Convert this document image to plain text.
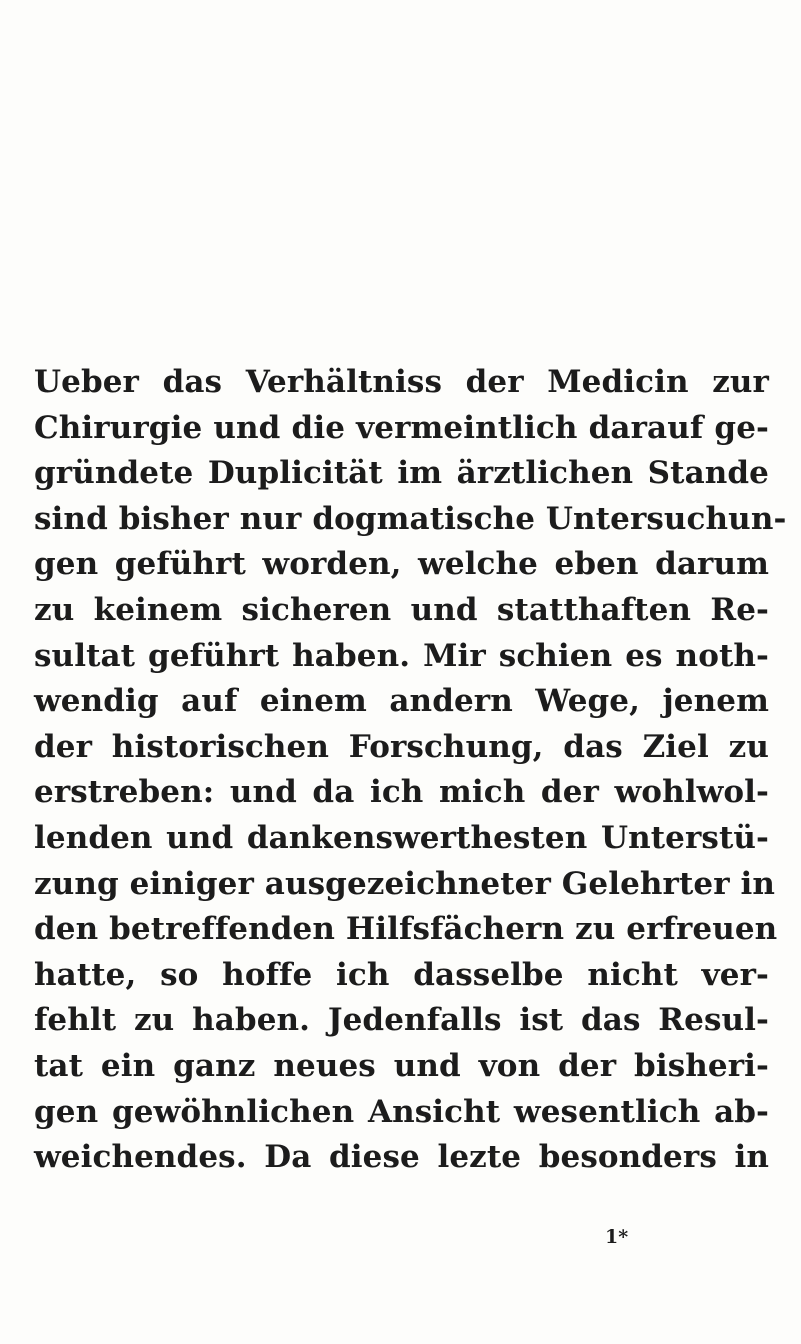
Ueber das Verhältniss der Medicin zur
Chirurgie und die vermeintlich darauf ge-
gründete Duplicität im ärztlichen Stande
sind bisher nur dogmatische Untersuchun-
gen geführt worden, welche eben darum
zu keinem sicheren und statthaften Re-
sultat geführt haben. Mir schien es noth-
wendig auf einem andern Wege, jenem
der historischen Forschung, das Ziel zu
erstreben: und da ich mich der wohlwol-
lenden und dankenswerthesten Unterstü-
zung einiger ausgezeichneter Gelehrter in
den betreffenden Hilfsfächern zu erfreuen
hatte, so hoffe ich dasselbe nicht ver-
fehlt zu haben. Jedenfalls ist das Resul-
tat ein ganz neues und von der bisheri-
gen gewöhnlichen Ansicht wesentlich ab-
weichendes. Da diese lezte besonders in
1*
